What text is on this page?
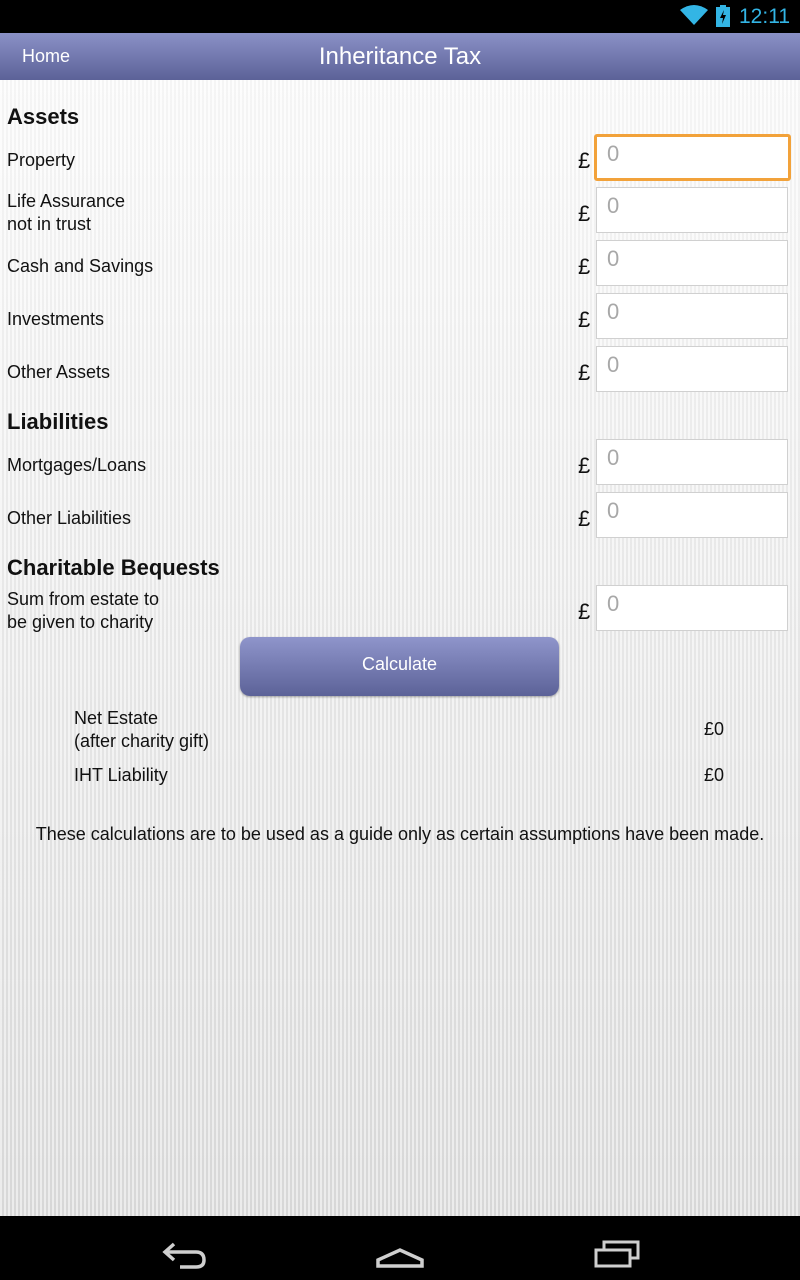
12:11
Home	Inheritance Tax
Assets
Property	£
0
Life Assurance
not in trust	£
0
Cash and Savings	£
0
Investments	£
0
Other Assets	£
0
Liabilities
Mortgages/Loans	£
0
Other Liabilities	£
0
Charitable Bequests
Sum from estate to
be given to charity	£
0
Calculate
Net Estate
(after charity gift)
£0
IHT Liability	£0
These calculations are to be used as a guide only as certain assumptions have been made.
